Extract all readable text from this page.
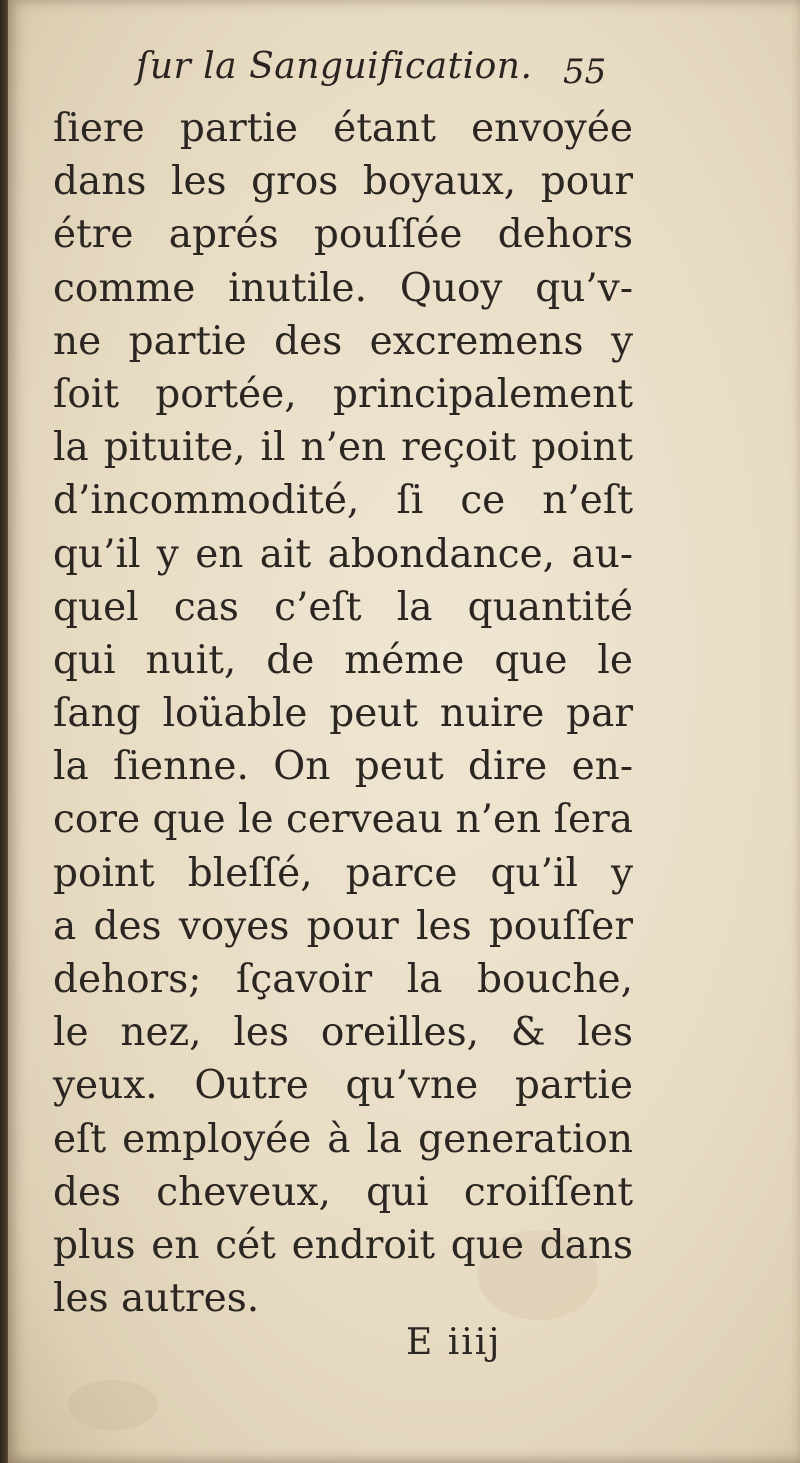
ſur la Sanguification. 55
ſiere partie étant envoyée
dans les gros boyaux, pour
étre aprés pouſſée dehors
comme inutile. Quoy qu’v-
ne partie des excremens y
ſoit portée, principalement
la pituite, il n’en reçoit point
d’incommodité, ſi ce n’eſt
qu’il y en ait abondance, au-
quel cas c’eſt la quantité
qui nuit, de méme que le
ſang loüable peut nuire par
la ſienne. On peut dire en-
core que le cerveau n’en ſera
point bleſſé, parce qu’il y
a des voyes pour les pouſſer
dehors; ſçavoir la bouche,
le nez, les oreilles, & les
yeux. Outre qu’vne partie
eſt employée à la generation
des cheveux, qui croiſſent
plus en cét endroit que dans
les autres.
E iiij
